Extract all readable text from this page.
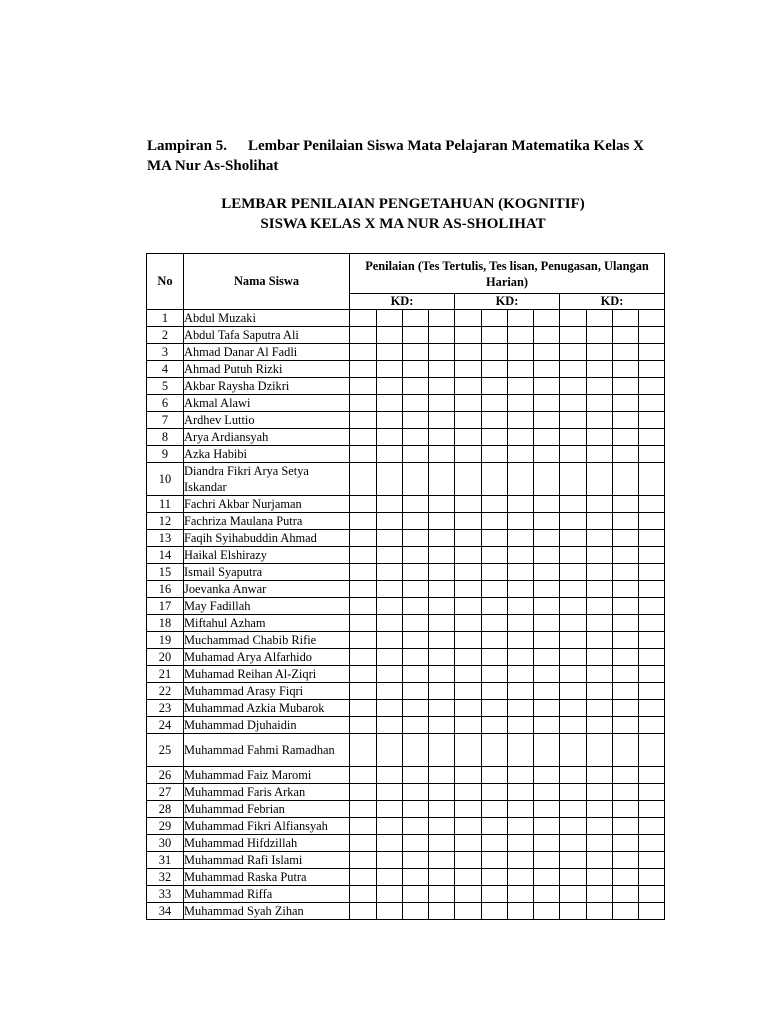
Lampiran 5. Lembar Penilaian Siswa Mata Pelajaran Matematika Kelas X
MA Nur As-Sholihat
LEMBAR PENILAIAN PENGETAHUAN (KOGNITIF)
SISWA KELAS X MA NUR AS-SHOLIHAT
No	Nama Siswa	Penilaian (Tes Tertulis, Tes lisan, Penugasan, Ulangan Harian)											
		KD:				KD:				KD:			
1	Abdul Muzaki												
2	Abdul Tafa Saputra Ali												
3	Ahmad Danar Al Fadli												
4	Ahmad Putuh Rizki												
5	Akbar Raysha Dzikri												
6	Akmal Alawi												
7	Ardhev Luttio												
8	Arya Ardiansyah												
9	Azka Habibi												
10	Diandra Fikri Arya Setya Iskandar												
11	Fachri Akbar Nurjaman												
12	Fachriza Maulana Putra												
13	Faqih Syihabuddin Ahmad												
14	Haikal Elshirazy												
15	Ismail Syaputra												
16	Joevanka Anwar												
17	May Fadillah												
18	Miftahul Azham												
19	Muchammad Chabib Rifie												
20	Muhamad Arya Alfarhido												
21	Muhamad Reihan Al-Ziqri												
22	Muhammad Arasy Fiqri												
23	Muhammad Azkia Mubarok												
24	Muhammad Djuhaidin												
25	Muhammad Fahmi Ramadhan												
26	Muhammad Faiz Maromi												
27	Muhammad Faris Arkan												
28	Muhammad Febrian												
29	Muhammad Fikri Alfiansyah												
30	Muhammad Hifdzillah												
31	Muhammad Rafi Islami												
32	Muhammad Raska Putra												
33	Muhammad Riffa												
34	Muhammad Syah Zihan												
